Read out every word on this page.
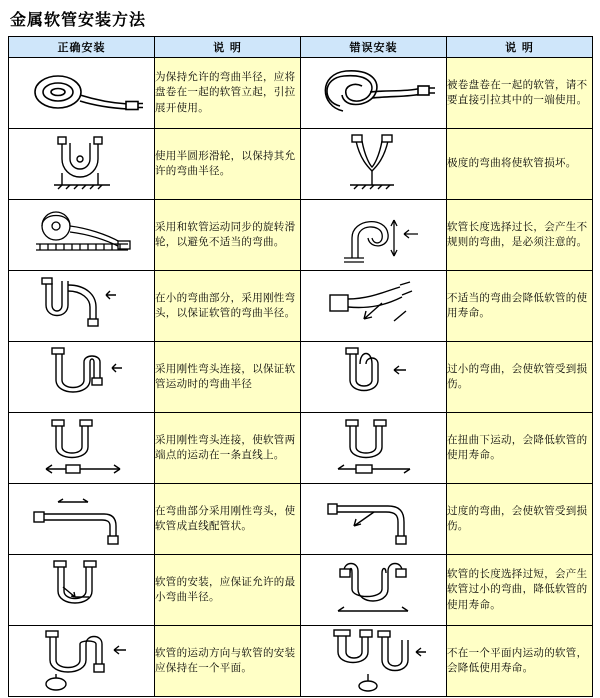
金属软管安装方法
正确安装	说 明	错误安装	说 明

	为保持允许的弯曲半径，应将盘卷在一起的软管立起，引拉展开使用。		被卷盘卷在一起的软管，请不要直接引拉其中的一端使用。

	使用半圆形滑轮，以保持其允许的弯曲半径。		极度的弯曲将使软管损坏。

	采用和软管运动同步的旋转滑轮，以避免不适当的弯曲。		软管长度选择过长，会产生不规则的弯曲，是必须注意的。

	在小的弯曲部分，采用刚性弯头，以保证软管的弯曲半径。		不适当的弯曲会降低软管的使用寿命。

	采用刚性弯头连接，以保证软管运动时的弯曲半径		过小的弯曲，会使软管受到损伤。

	采用刚性弯头连接，使软管两端点的运动在一条直线上。		在扭曲下运动，会降低软管的使用寿命。

	在弯曲部分采用刚性弯头，使软管成直线配管状。		过度的弯曲，会使软管受到损伤。

	软管的安装，应保证允许的最小弯曲半径。		软管的长度选择过短，会产生软管过小的弯曲，降低软管的使用寿命。

	软管的运动方向与软管的安装应保持在一个平面。		不在一个平面内运动的软管，会降低使用寿命。
